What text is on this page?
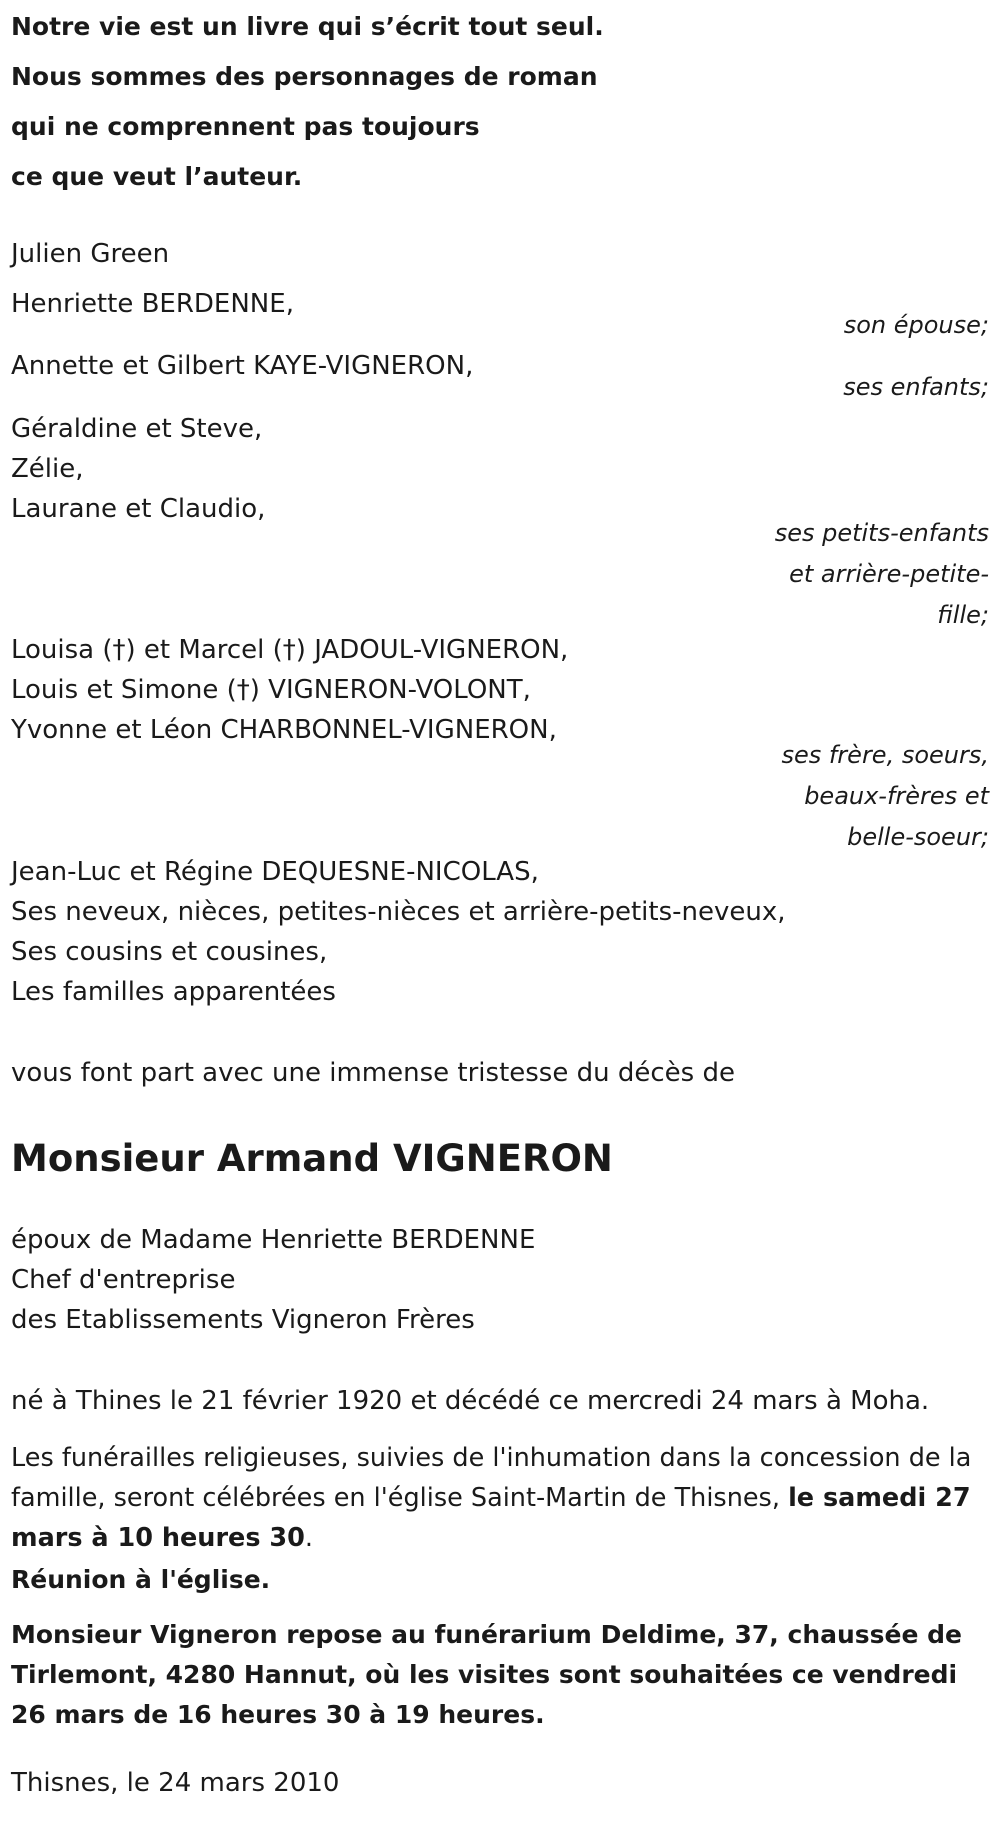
Notre vie est un livre qui s’écrit tout seul.
Nous sommes des personnages de roman
qui ne comprennent pas toujours
ce que veut l’auteur.

Julien Green

Henriette BERDENNE,

son épouse;

Annette et Gilbert KAYE-VIGNERON,

ses enfants;

Géraldine et Steve,

Zélie,

Laurane et Claudio,

ses petits-enfants
et arrière-petite-
fille;

Louisa (†) et Marcel (†) JADOUL-VIGNERON,

Louis et Simone (†) VIGNERON-VOLONT,

Yvonne et Léon CHARBONNEL-VIGNERON,

ses frère, soeurs,
beaux-frères et
belle-soeur;

Jean-Luc et Régine DEQUESNE-NICOLAS,

Ses neveux, nièces, petites-nièces et arrière-petits-neveux,

Ses cousins et cousines,

Les familles apparentées

vous font part avec une immense tristesse du décès de

Monsieur Armand VIGNERON

époux de Madame Henriette BERDENNE

Chef d'entreprise

des Etablissements Vigneron Frères

né à Thines le 21 février 1920 et décédé ce mercredi 24 mars à Moha.

Les funérailles religieuses, suivies de l'inhumation dans la concession de la famille, seront célébrées en l'église Saint-Martin de Thisnes, le samedi 27 mars à 10 heures 30.

Réunion à l'église.

Monsieur Vigneron repose au funérarium Deldime, 37, chaussée de Tirlemont, 4280 Hannut, où les visites sont souhaitées ce vendredi 26 mars de 16 heures 30 à 19 heures.

Thisnes, le 24 mars 2010
